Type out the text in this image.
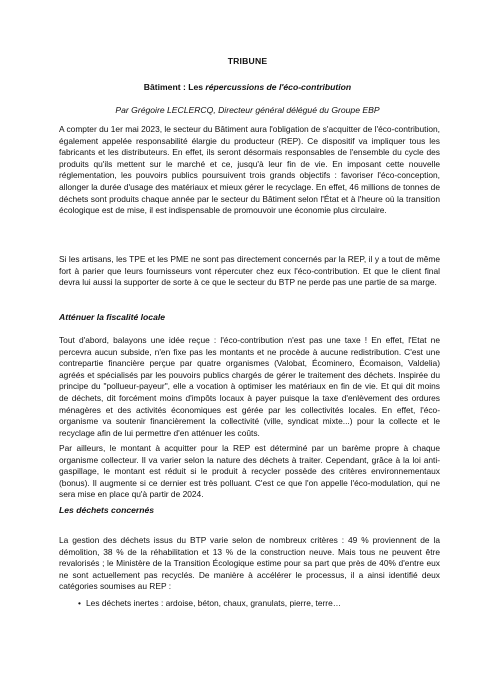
TRIBUNE
Bâtiment : Les répercussions de l'éco-contribution
Par Grégoire LECLERCQ, Directeur général délégué du Groupe EBP

A compter du 1er mai 2023, le secteur du Bâtiment aura l'obligation de s'acquitter de l'éco-contribution, également appelée responsabilité élargie du producteur (REP). Ce dispositif va impliquer tous les fabricants et les distributeurs. En effet, ils seront désormais responsables de l'ensemble du cycle des produits qu'ils mettent sur le marché et ce, jusqu'à leur fin de vie. En imposant cette nouvelle réglementation, les pouvoirs publics poursuivent trois grands objectifs : favoriser l'éco-conception, allonger la durée d'usage des matériaux et mieux gérer le recyclage. En effet, 46 millions de tonnes de déchets sont produits chaque année par le secteur du Bâtiment selon l'État et à l'heure où la transition écologique est de mise, il est indispensable de promouvoir une économie plus circulaire.

Si les artisans, les TPE et les PME ne sont pas directement concernés par la REP, il y a tout de même fort à parier que leurs fournisseurs vont répercuter chez eux l'éco-contribution. Et que le client final devra lui aussi la supporter de sorte à ce que le secteur du BTP ne perde pas une partie de sa marge.

Atténuer la fiscalité locale

Tout d'abord, balayons une idée reçue : l'éco-contribution n'est pas une taxe ! En effet, l'Etat ne percevra aucun subside, n'en fixe pas les montants et ne procède à aucune redistribution. C'est une contrepartie financière perçue par quatre organismes (Valobat, Écominero, Écomaison, Valdelia) agréés et spécialisés par les pouvoirs publics chargés de gérer le traitement des déchets. Inspirée du principe du "pollueur-payeur", elle a vocation à optimiser les matériaux en fin de vie. Et qui dit moins de déchets, dit forcément moins d'impôts locaux à payer puisque la taxe d'enlèvement des ordures ménagères et des activités économiques est gérée par les collectivités locales. En effet, l'éco-organisme va soutenir financièrement la collectivité (ville, syndicat mixte...) pour la collecte et le recyclage afin de lui permettre d'en atténuer les coûts.

Par ailleurs, le montant à acquitter pour la REP est déterminé par un barème propre à chaque organisme collecteur. Il va varier selon la nature des déchets à traiter. Cependant, grâce à la loi anti-gaspillage, le montant est réduit si le produit à recycler possède des critères environnementaux (bonus). Il augmente si ce dernier est très polluant. C'est ce que l'on appelle l'éco-modulation, qui ne sera mise en place qu'à partir de 2024.

Les déchets concernés

La gestion des déchets issus du BTP varie selon de nombreux critères : 49 % proviennent de la démolition, 38 % de la réhabilitation et 13 % de la construction neuve. Mais tous ne peuvent être revalorisés ; le Ministère de la Transition Écologique estime pour sa part que près de 40% d'entre eux ne sont actuellement pas recyclés. De manière à accélérer le processus, il a ainsi identifié deux catégories soumises au REP :

• Les déchets inertes : ardoise, béton, chaux, granulats, pierre, terre…
